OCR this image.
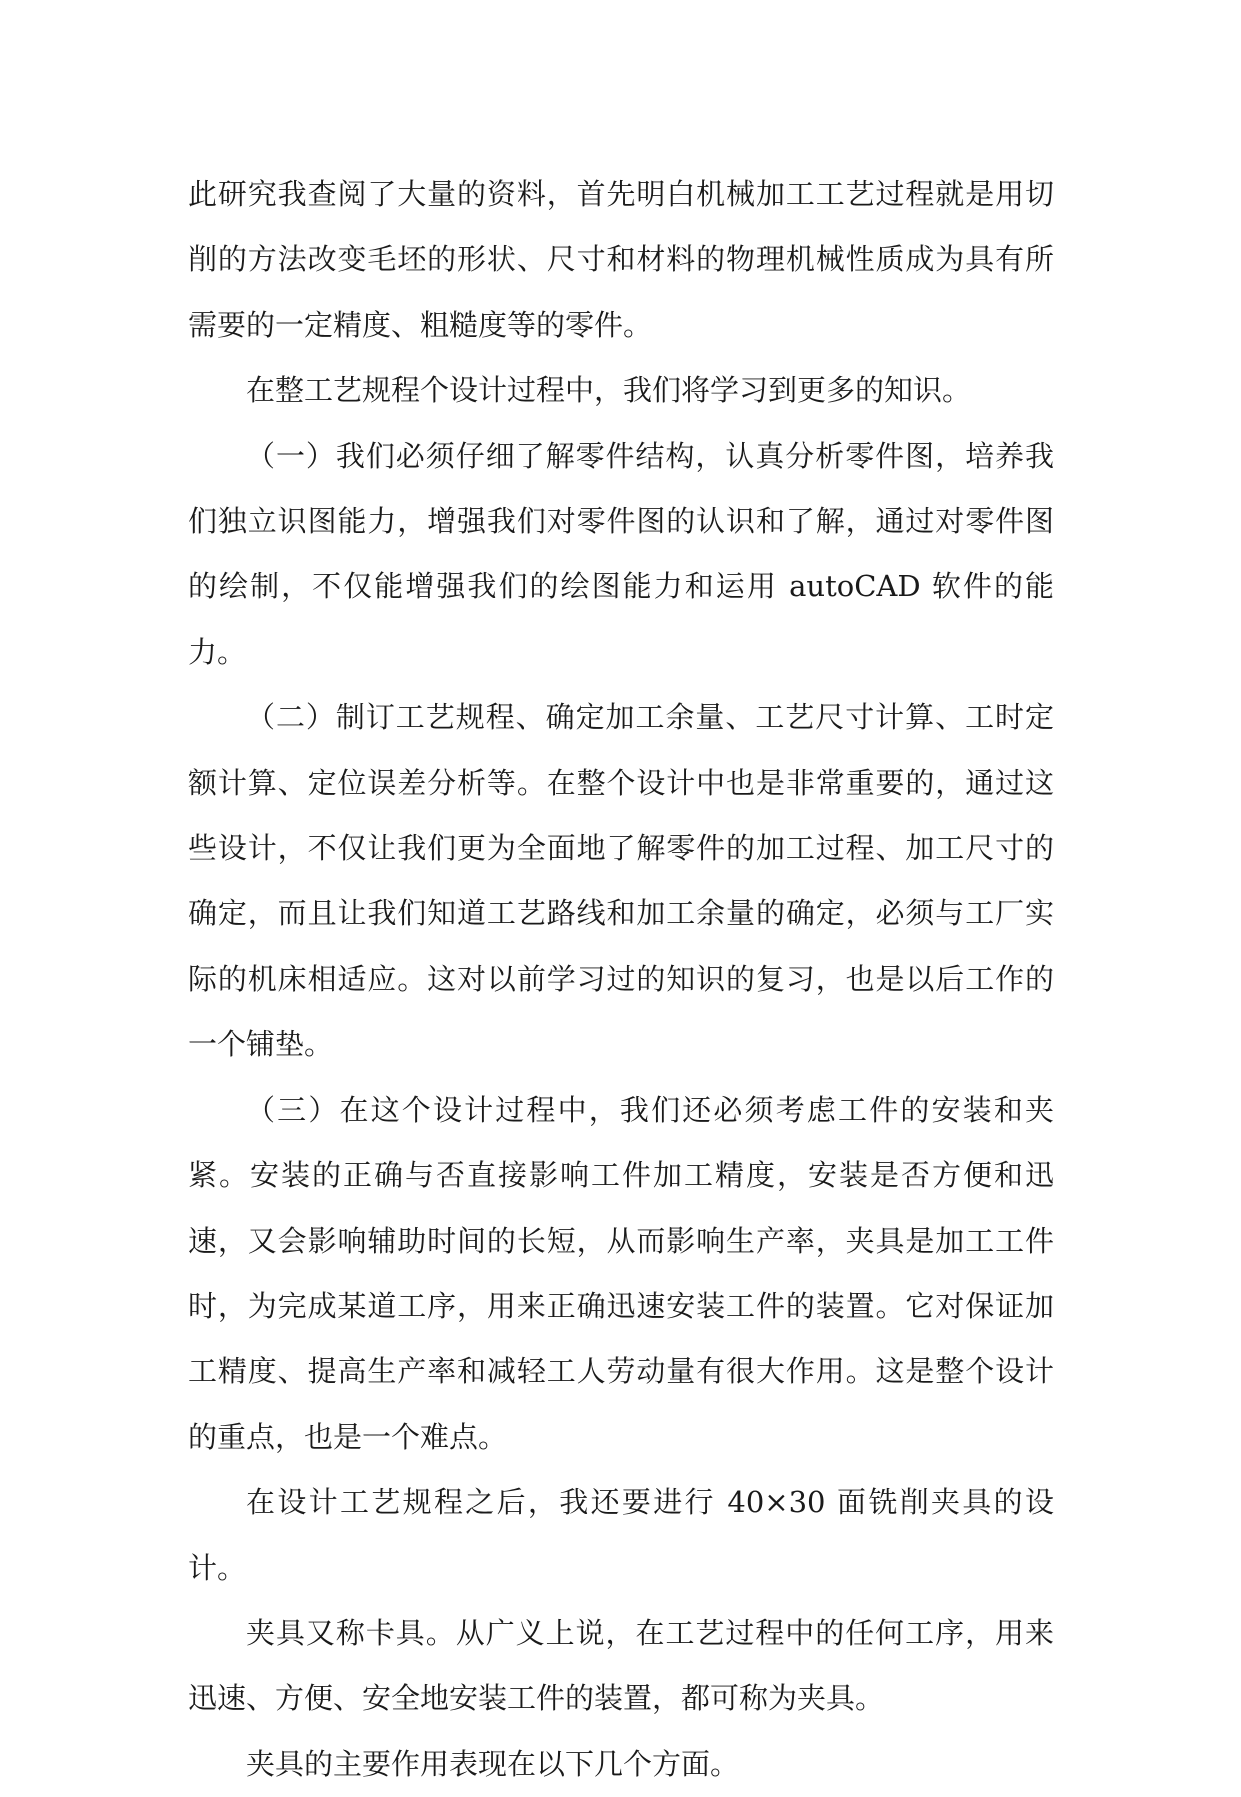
此研究我查阅了大量的资料，首先明白机械加工工艺过程就是用切削的方法改变毛坯的形状、尺寸和材料的物理机械性质成为具有所需要的一定精度、粗糙度等的零件。

在整工艺规程个设计过程中，我们将学习到更多的知识。

（一）我们必须仔细了解零件结构，认真分析零件图，培养我们独立识图能力，增强我们对零件图的认识和了解，通过对零件图的绘制，不仅能增强我们的绘图能力和运用 autoCAD 软件的能力。

（二）制订工艺规程、确定加工余量、工艺尺寸计算、工时定额计算、定位误差分析等。在整个设计中也是非常重要的，通过这些设计，不仅让我们更为全面地了解零件的加工过程、加工尺寸的确定，而且让我们知道工艺路线和加工余量的确定，必须与工厂实际的机床相适应。这对以前学习过的知识的复习，也是以后工作的一个铺垫。

（三）在这个设计过程中，我们还必须考虑工件的安装和夹紧。安装的正确与否直接影响工件加工精度，安装是否方便和迅速，又会影响辅助时间的长短，从而影响生产率，夹具是加工工件时，为完成某道工序，用来正确迅速安装工件的装置。它对保证加工精度、提高生产率和减轻工人劳动量有很大作用。这是整个设计的重点，也是一个难点。

在设计工艺规程之后，我还要进行 40×30 面铣削夹具的设计。

夹具又称卡具。从广义上说，在工艺过程中的任何工序，用来迅速、方便、安全地安装工件的装置，都可称为夹具。

夹具的主要作用表现在以下几个方面。
